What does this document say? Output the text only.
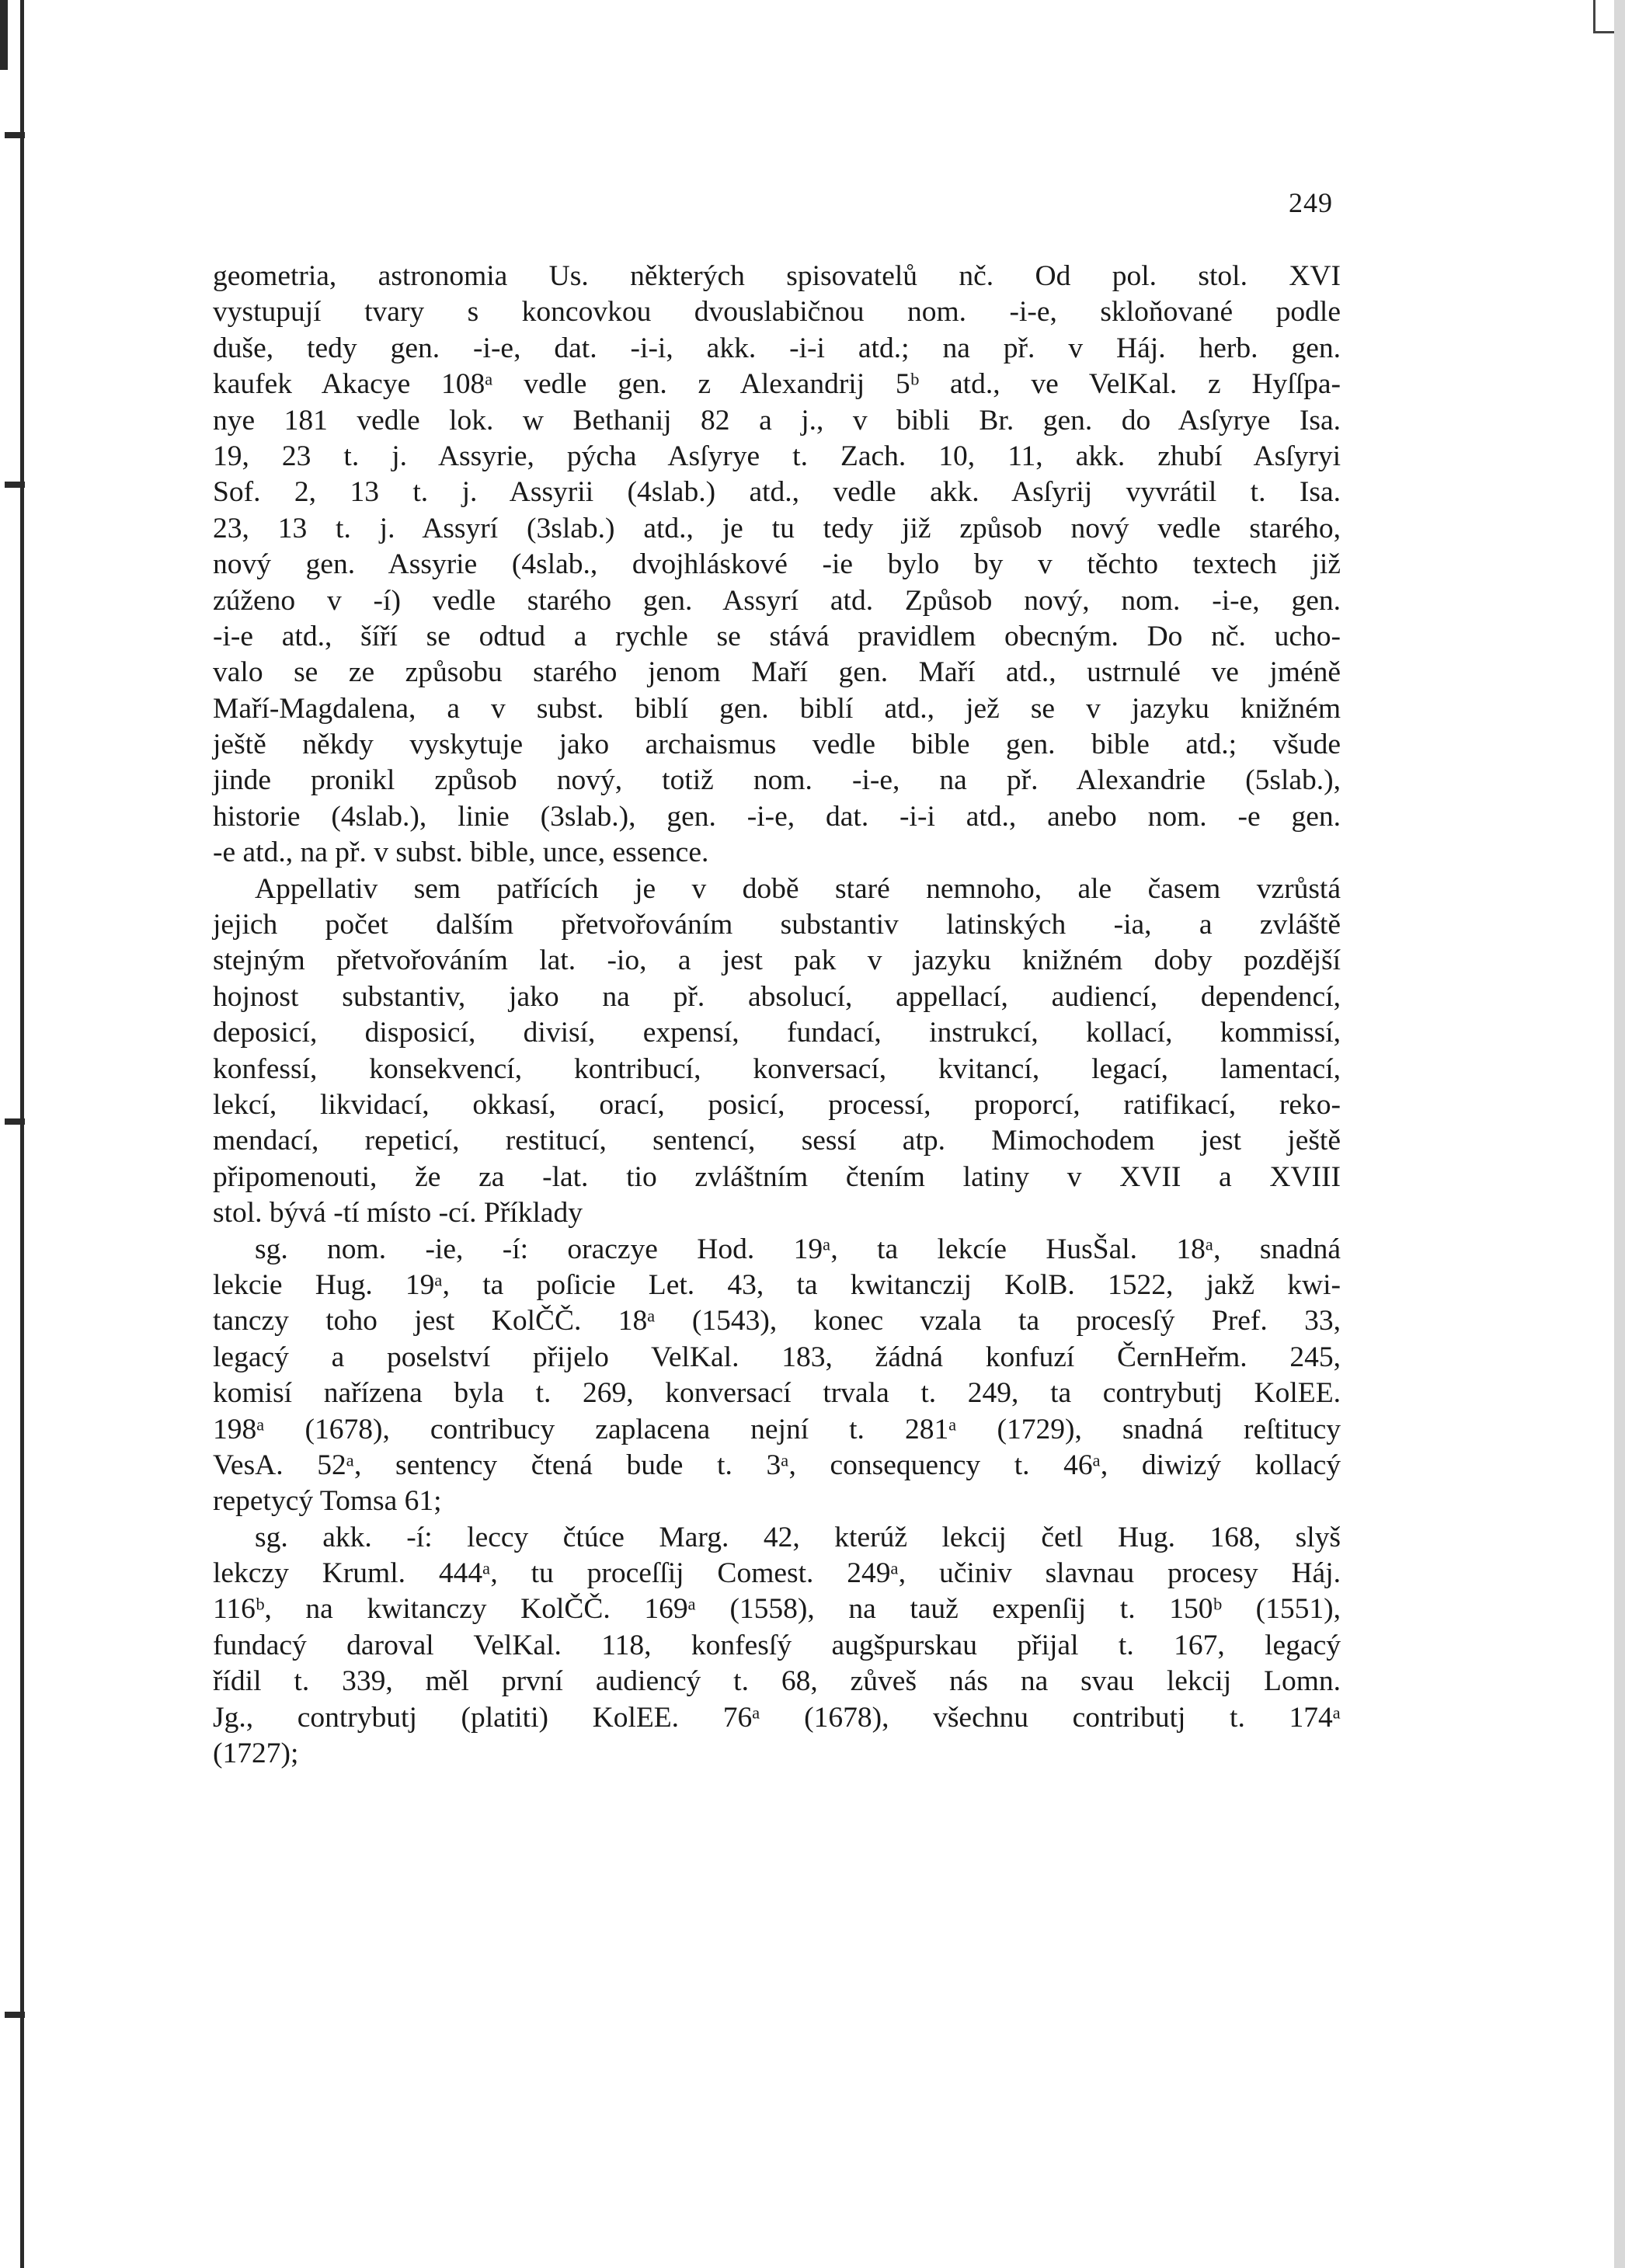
249
geometria, astronomia Us. některých spisovatelů nč. Od pol. stol. XVI
vystupují tvary s koncovkou dvouslabičnou nom. -i-e, skloňované podle
duše, tedy gen. -i-e, dat. -i-i, akk. -i-i atd.; na př. v Háj. herb. gen.
kaufek Akacye 108ᵃ vedle gen. z Alexandrij 5ᵇ atd., ve VelKal. z Hyſſpa-
nye 181 vedle lok. w Bethanij 82 a j., v bibli Br. gen. do Asſyrye Isa.
19, 23 t. j. Assyrie, pýcha Asſyrye t. Zach. 10, 11, akk. zhubí Asſyryi
Sof. 2, 13 t. j. Assyrii (4slab.) atd., vedle akk. Asſyrij vyvrátil t. Isa.
23, 13 t. j. Assyrí (3slab.) atd., je tu tedy již způsob nový vedle starého,
nový gen. Assyrie (4slab., dvojhláskové -ie bylo by v těchto textech již
zúženo v -í) vedle starého gen. Assyrí atd. Způsob nový, nom. -i-e, gen.
-i-e atd., šíří se odtud a rychle se stává pravidlem obecným. Do nč. ucho-
valo se ze způsobu starého jenom Maří gen. Maří atd., ustrnulé ve jméně
Maří-Magdalena, a v subst. biblí gen. biblí atd., jež se v jazyku knižném
ještě někdy vyskytuje jako archaismus vedle bible gen. bible atd.; všude
jinde pronikl způsob nový, totiž nom. -i-e, na př. Alexandrie (5slab.),
historie (4slab.), linie (3slab.), gen. -i-e, dat. -i-i atd., anebo nom. -e gen.
-e atd., na př. v subst. bible, unce, essence.
Appellativ sem patřících je v době staré nemnoho, ale časem vzrůstá
jejich počet dalším přetvořováním substantiv latinských -ia, a zvláště
stejným přetvořováním lat. -io, a jest pak v jazyku knižném doby pozdější
hojnost substantiv, jako na př. absolucí, appellací, audiencí, dependencí,
deposicí, disposicí, divisí, expensí, fundací, instrukcí, kollací, kommissí,
konfessí, konsekvencí, kontribucí, konversací, kvitancí, legací, lamentací,
lekcí, likvidací, okkasí, orací, posicí, processí, proporcí, ratifikací, reko-
mendací, repeticí, restitucí, sentencí, sessí atp. Mimochodem jest ještě
připomenouti, že za -lat. tio zvláštním čtením latiny v XVII a XVIII
stol. bývá -tí místo -cí. Příklady
sg. nom. -ie, -í: oraczye Hod. 19ᵃ, ta lekcíe HusŠal. 18ᵃ, snadná
lekcie Hug. 19ᵃ, ta poſicie Let. 43, ta kwitanczij KolB. 1522, jakž kwi-
tanczy toho jest KolČČ. 18ᵃ (1543), konec vzala ta procesſý Pref. 33,
legacý a poselství přijelo VelKal. 183, žádná konfuzí ČernHeřm. 245,
komisí nařízena byla t. 269, konversací trvala t. 249, ta contrybutj KolEE.
198ᵃ (1678), contribucy zaplacena nejní t. 281ᵃ (1729), snadná reſtitucy
VesA. 52ᵃ, sentency čtená bude t. 3ᵃ, consequency t. 46ᵃ, diwizý kollacý
repetycý Tomsa 61;
sg. akk. -í: leccy čtúce Marg. 42, kterúž lekcij četl Hug. 168, slyš
lekczy Kruml. 444ᵃ, tu proceſſij Comest. 249ᵃ, učiniv slavnau procesy Háj.
116ᵇ, na kwitanczy KolČČ. 169ᵃ (1558), na tauž expenſij t. 150ᵇ (1551),
fundacý daroval VelKal. 118, konfesſý augšpurskau přijal t. 167, legacý
řídil t. 339, měl první audiencý t. 68, zůveš nás na svau lekcij Lomn.
Jg., contrybutj (platiti) KolEE. 76ᵃ (1678), všechnu contributj t. 174ᵃ
(1727);
